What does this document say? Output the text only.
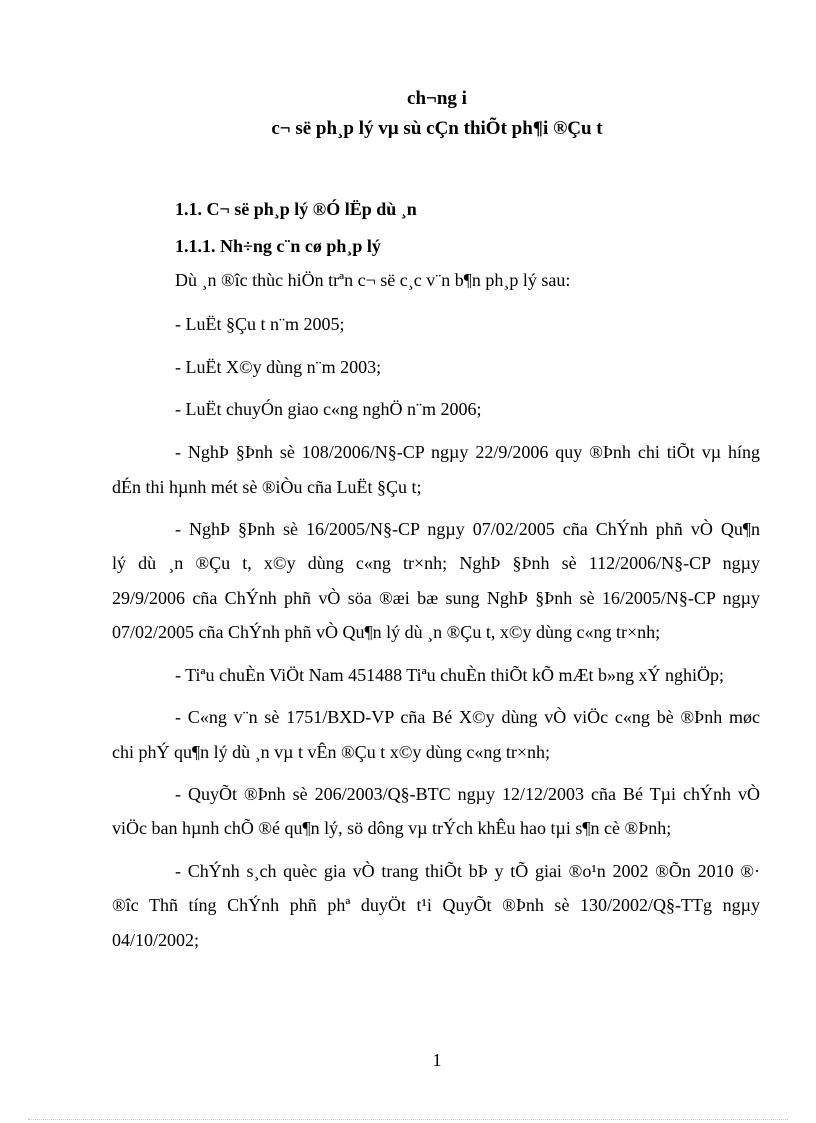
ch¬ng i
c¬ së ph¸p lý vµ sù cÇn thiÕt ph¶i ®Çu t
1.1. C¬ së ph¸p lý ®Ó lËp dù ¸n
1.1.1. Nh÷ng c¨n cø ph¸p lý
Dù ¸n ®îc thùc hiÖn trªn c¬ së c¸c v¨n b¶n ph¸p lý sau:
- LuËt §Çu t n¨m 2005;
- LuËt X©y dùng n¨m 2003;
- LuËt chuyÓn giao c«ng nghÖ n¨m 2006;
- NghÞ §Þnh sè 108/2006/N§-CP ngµy 22/9/2006 quy ®Þnh chi tiÕt vµ híng
dÉn thi hµnh mét sè ®iÒu cña LuËt §Çu t;
- NghÞ §Þnh sè 16/2005/N§-CP ngµy 07/02/2005 cña ChÝnh phñ vÒ Qu¶n
lý dù ¸n ®Çu t, x©y dùng c«ng tr×nh; NghÞ §Þnh sè 112/2006/N§-CP ngµy
29/9/2006 cña ChÝnh phñ vÒ söa ®æi bæ sung NghÞ §Þnh sè 16/2005/N§-CP ngµy
07/02/2005 cña ChÝnh phñ vÒ Qu¶n lý dù ¸n ®Çu t, x©y dùng c«ng tr×nh;
- Tiªu chuÈn ViÖt Nam 451488 Tiªu chuÈn thiÕt kÕ mÆt b»ng xÝ nghiÖp;
- C«ng v¨n sè 1751/BXD-VP cña Bé X©y dùng vÒ viÖc c«ng bè ®Þnh møc
chi phÝ qu¶n lý dù ¸n vµ t vÊn ®Çu t x©y dùng c«ng tr×nh;
- QuyÕt ®Þnh sè 206/2003/Q§-BTC ngµy 12/12/2003 cña Bé Tµi chÝnh vÒ
viÖc ban hµnh chÕ ®é qu¶n lý, sö dông vµ trÝch khÊu hao tµi s¶n cè ®Þnh;
- ChÝnh s¸ch quèc gia vÒ trang thiÕt bÞ y tÕ giai ®o¹n 2002 ®Õn 2010 ®·
®îc Thñ tíng ChÝnh phñ phª duyÖt t¹i QuyÕt ®Þnh sè 130/2002/Q§-TTg ngµy
04/10/2002;
1
